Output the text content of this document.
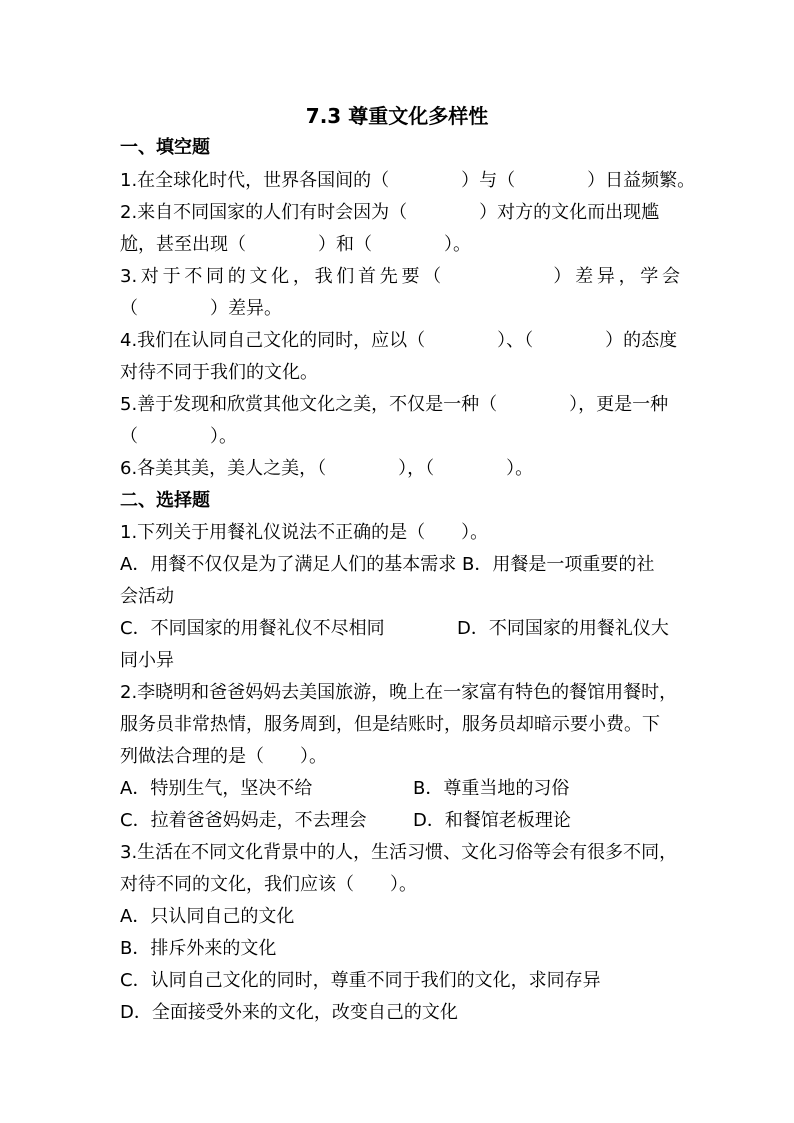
7.3 尊重文化多样性
一、填空题
1.在全球化时代，世界各国间的（　　　　）与（　　　　）日益频繁。
2.来自不同国家的人们有时会因为（　　　　）对方的文化而出现尴
尬，甚至出现（　　　　）和（　　　　）。
3.对于不同的文化，我们首先要（　　　　　）差异，学会
（　　　　）差异。
4.我们在认同自己文化的同时，应以（　　　　）、（　　　　）的态度
对待不同于我们的文化。
5.善于发现和欣赏其他文化之美，不仅是一种（　　　　），更是一种
（　　　　）。
6.各美其美，美人之美，（　　　　），（　　　　）。
二、选择题
1.下列关于用餐礼仪说法不正确的是（　　）。
A．用餐不仅仅是为了满足人们的基本需求 B．用餐是一项重要的社
会活动
C．不同国家的用餐礼仪不尽相同	D．不同国家的用餐礼仪大
同小异
2.李晓明和爸爸妈妈去美国旅游，晚上在一家富有特色的餐馆用餐时，
服务员非常热情，服务周到，但是结账时，服务员却暗示要小费。下
列做法合理的是（　　）。
A．特别生气，坚决不给	B．尊重当地的习俗
C．拉着爸爸妈妈走，不去理会	D．和餐馆老板理论
3.生活在不同文化背景中的人，生活习惯、文化习俗等会有很多不同，
对待不同的文化，我们应该（　　）。
A．只认同自己的文化
B．排斥外来的文化
C．认同自己文化的同时，尊重不同于我们的文化，求同存异
D．全面接受外来的文化，改变自己的文化
